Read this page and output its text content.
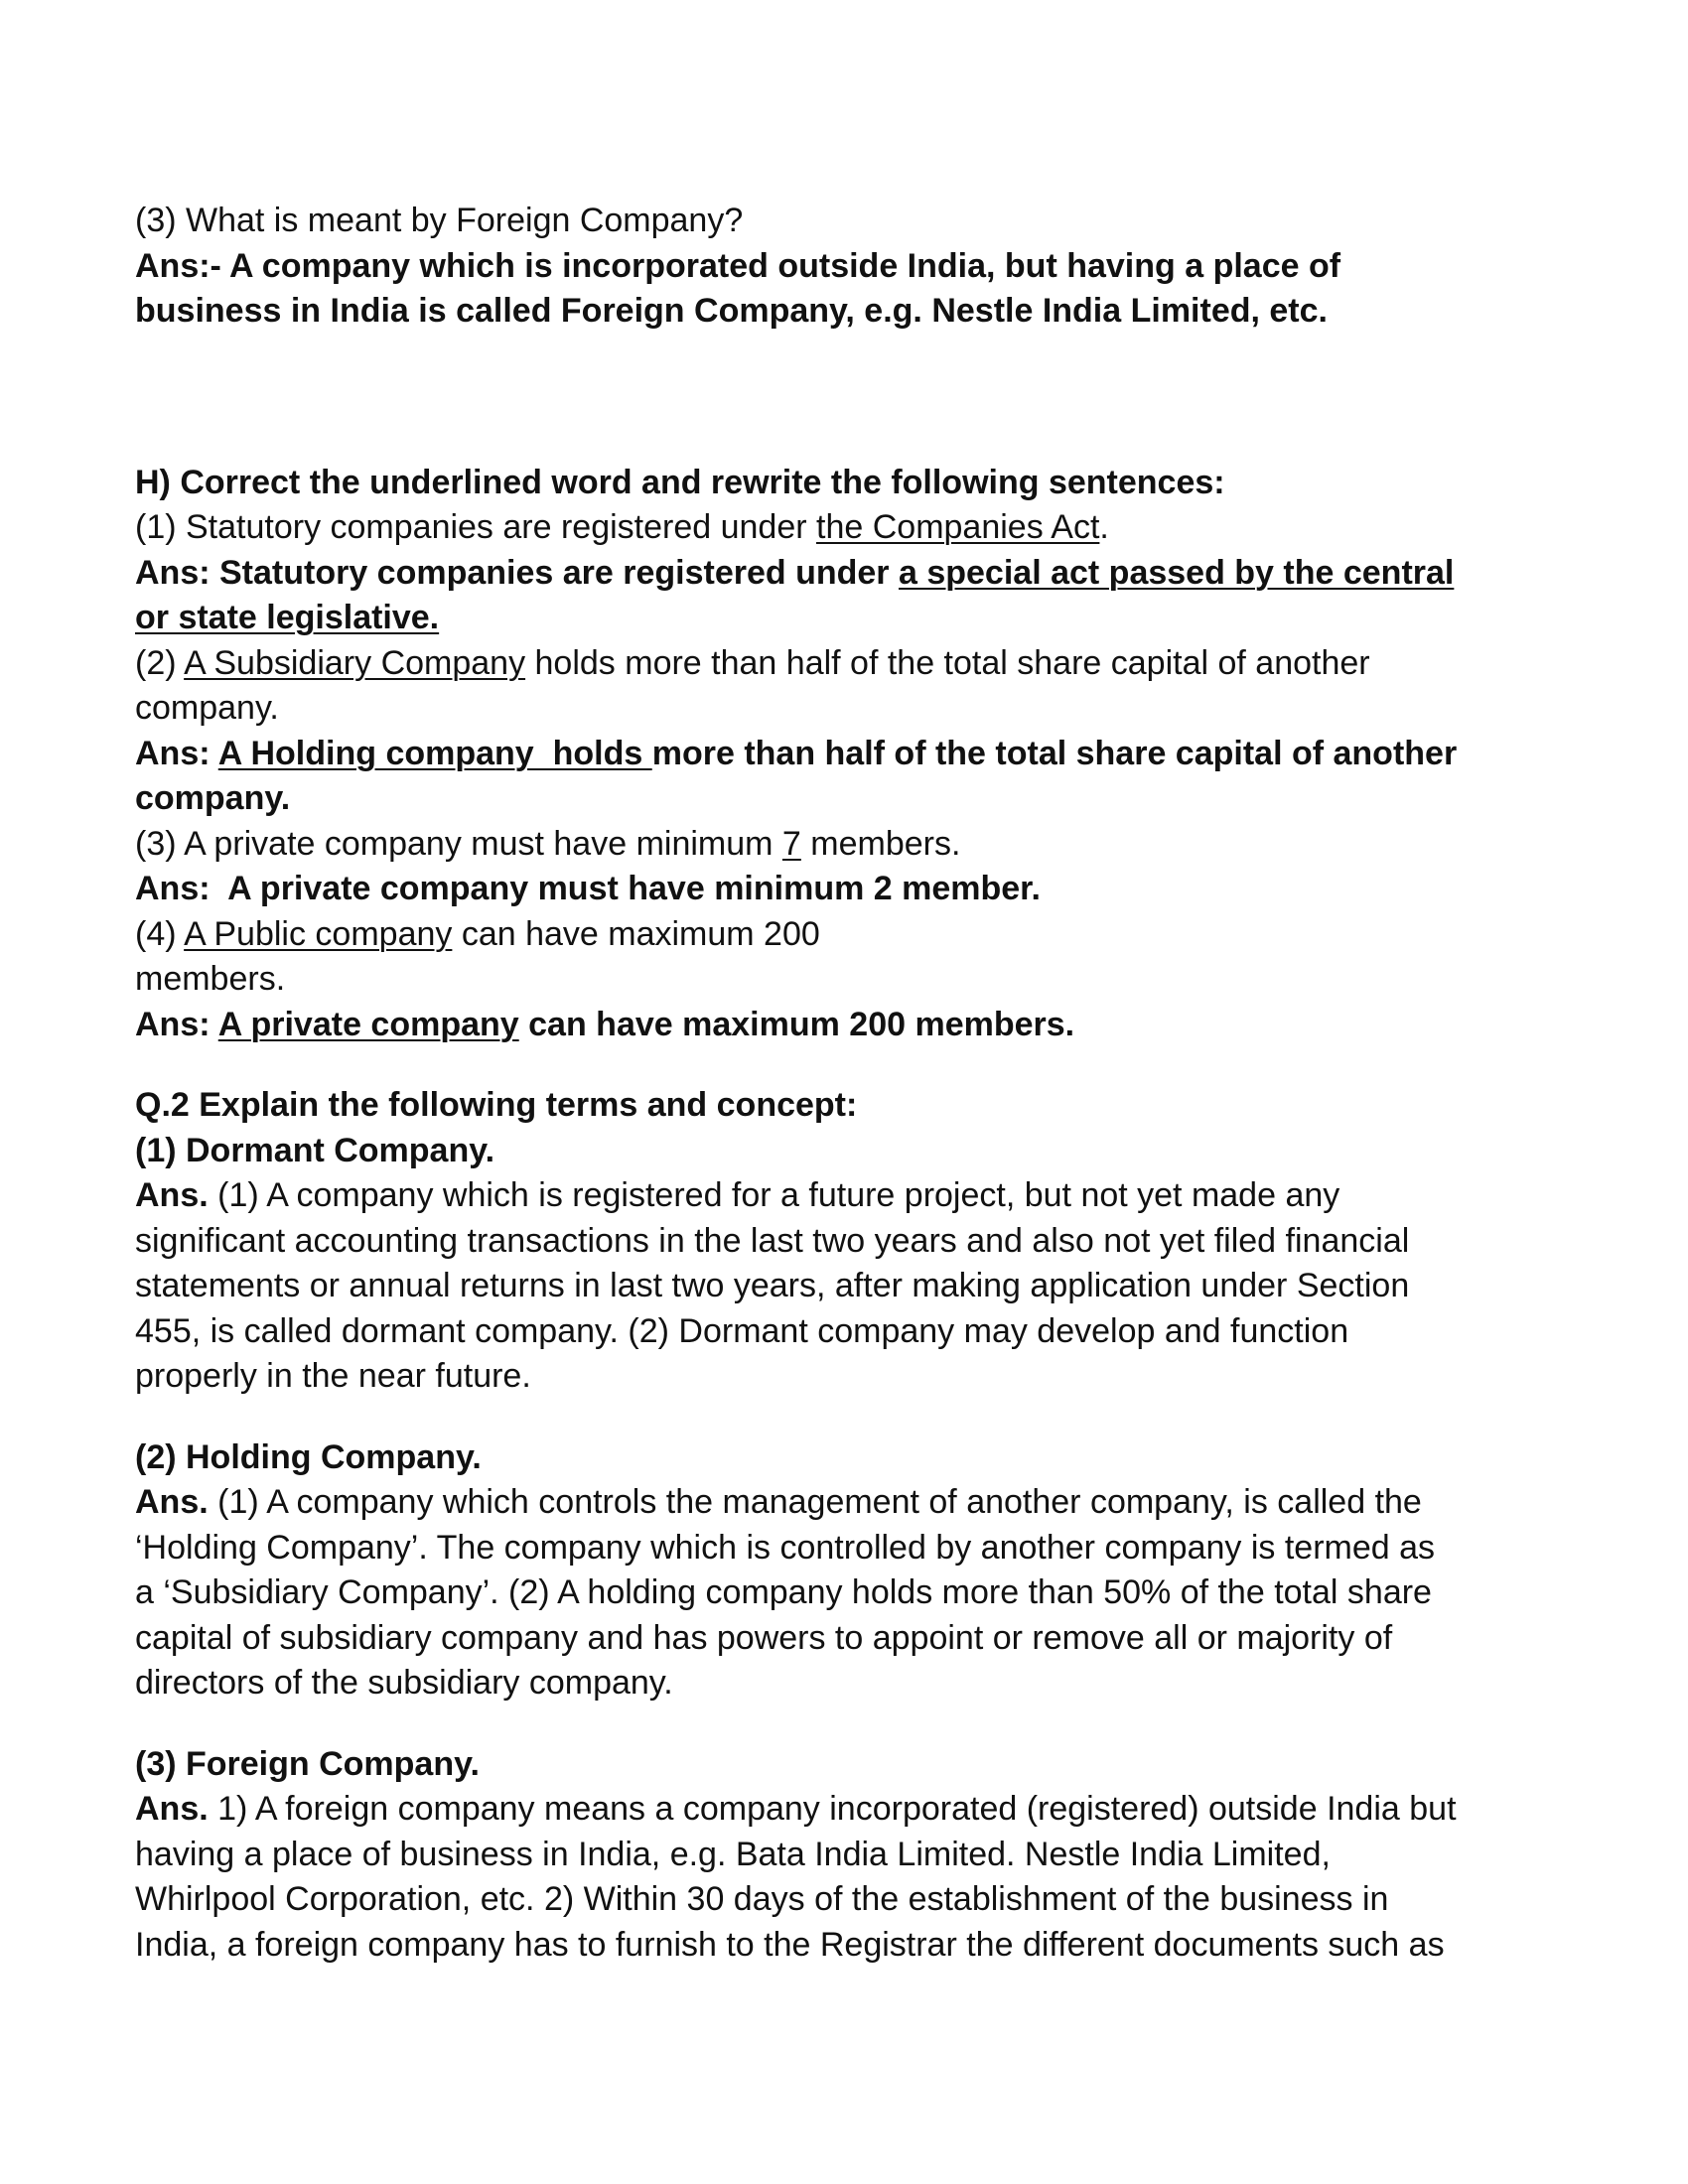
(3) What is meant by Foreign Company?
Ans:- A company which is incorporated outside India, but having a place of
business in India is called Foreign Company, e.g. Nestle India Limited, etc.
H) Correct the underlined word and rewrite the following sentences:
(1) Statutory companies are registered under the Companies Act.
Ans: Statutory companies are registered under a special act passed by the central
or state legislative.
(2) A Subsidiary Company holds more than half of the total share capital of another
company.
Ans: A Holding company  holds more than half of the total share capital of another
company.
(3) A private company must have minimum 7 members.
Ans:  A private company must have minimum 2 member.
(4) A Public company can have maximum 200
members.
Ans: A private company can have maximum 200 members.
Q.2 Explain the following terms and concept:
(1) Dormant Company.
Ans. (1) A company which is registered for a future project, but not yet made any
significant accounting transactions in the last two years and also not yet filed financial
statements or annual returns in last two years, after making application under Section
455, is called dormant company. (2) Dormant company may develop and function
properly in the near future.
(2) Holding Company.
Ans. (1) A company which controls the management of another company, is called the
‘Holding Company’. The company which is controlled by another company is termed as
a ‘Subsidiary Company’. (2) A holding company holds more than 50% of the total share
capital of subsidiary company and has powers to appoint or remove all or majority of
directors of the subsidiary company.
(3) Foreign Company.
Ans. 1) A foreign company means a company incorporated (registered) outside India but
having a place of business in India, e.g. Bata India Limited. Nestle India Limited,
Whirlpool Corporation, etc. 2) Within 30 days of the establishment of the business in
India, a foreign company has to furnish to the Registrar the different documents such as
